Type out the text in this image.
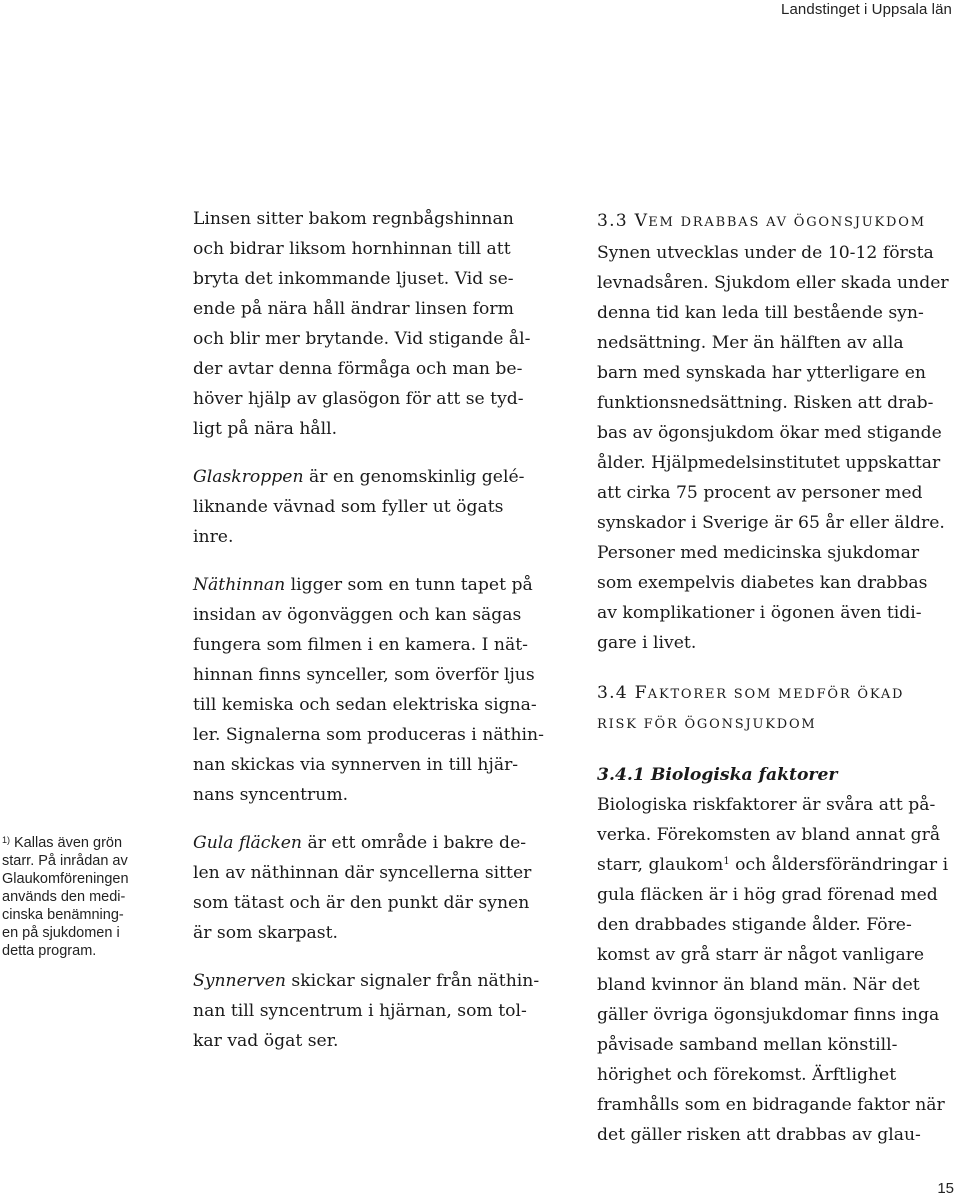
Landstinget i Uppsala län
$^{1)}$ Kallas även grön
starr. På inrådan av
Glaukomföreningen
används den medi-
cinska benämning-
en på sjukdomen i
detta program.
Linsen sitter bakom regnbågshinnan
och bidrar liksom hornhinnan till att
bryta det inkommande ljuset. Vid se-
ende på nära håll ändrar linsen form
och blir mer brytande. Vid stigande ål-
der avtar denna förmåga och man be-
höver hjälp av glasögon för att se tyd-
ligt på nära håll.
Glaskroppen är en genomskinlig gelé-
liknande vävnad som fyller ut ögats
inre.
Näthinnan ligger som en tunn tapet på
insidan av ögonväggen och kan sägas
fungera som filmen i en kamera. I nät-
hinnan finns synceller, som överför ljus
till kemiska och sedan elektriska signa-
ler. Signalerna som produceras i näthin-
nan skickas via synnerven in till hjär-
nans syncentrum.
Gula fläcken är ett område i bakre de-
len av näthinnan där syncellerna sitter
som tätast och är den punkt där synen
är som skarpast.
Synnerven skickar signaler från näthin-
nan till syncentrum i hjärnan, som tol-
kar vad ögat ser.
3.3 VEM DRABBAS AV ÖGONSJUKDOM
Synen utvecklas under de 10-12 första
levnadsåren. Sjukdom eller skada under
denna tid kan leda till bestående syn-
nedsättning. Mer än hälften av alla
barn med synskada har ytterligare en
funktionsnedsättning. Risken att drab-
bas av ögonsjukdom ökar med stigande
ålder. Hjälpmedelsinstitutet uppskattar
att cirka 75 procent av personer med
synskador i Sverige är 65 år eller äldre.
Personer med medicinska sjukdomar
som exempelvis diabetes kan drabbas
av komplikationer i ögonen även tidi-
gare i livet.
3.4 FAKTORER SOM MEDFÖR ÖKAD
RISK FÖR ÖGONSJUKDOM
3.4.1 Biologiska faktorer
Biologiska riskfaktorer är svåra att på-
verka. Förekomsten av bland annat grå
starr, glaukom$^1$ och åldersförändringar i
gula fläcken är i hög grad förenad med
den drabbades stigande ålder. Före-
komst av grå starr är något vanligare
bland kvinnor än bland män. När det
gäller övriga ögonsjukdomar finns inga
påvisade samband mellan könstill-
hörighet och förekomst. Ärftlighet
framhålls som en bidragande faktor när
det gäller risken att drabbas av glau-
15
